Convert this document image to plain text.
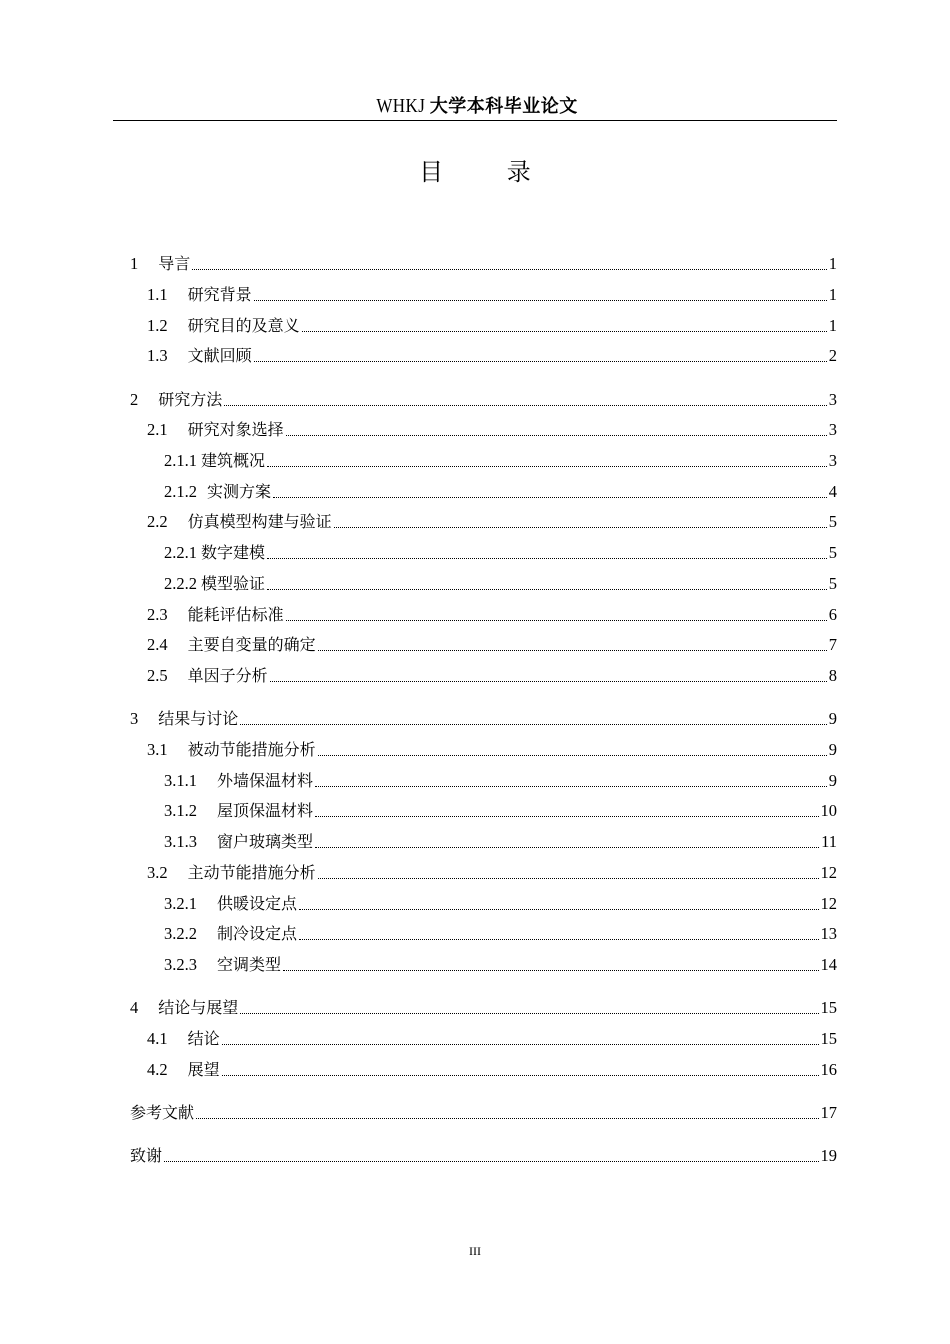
WHKJ 大学本科毕业论文
目 录
1 导言	1
1.1 研究背景	1
1.2 研究目的及意义	1
1.3 文献回顾	2
2 研究方法	3
2.1 研究对象选择	3
2.1.1 建筑概况	3
2.1.2 实测方案	4
2.2 仿真模型构建与验证	5
2.2.1 数字建模	5
2.2.2 模型验证	5
2.3 能耗评估标准	6
2.4 主要自变量的确定	7
2.5 单因子分析	8
3 结果与讨论	9
3.1 被动节能措施分析	9
3.1.1 外墙保温材料	9
3.1.2 屋顶保温材料	10
3.1.3 窗户玻璃类型	11
3.2 主动节能措施分析	12
3.2.1 供暖设定点	12
3.2.2 制冷设定点	13
3.2.3 空调类型	14
4 结论与展望	15
4.1 结论	15
4.2 展望	16
参考文献	17
致谢	19
III
